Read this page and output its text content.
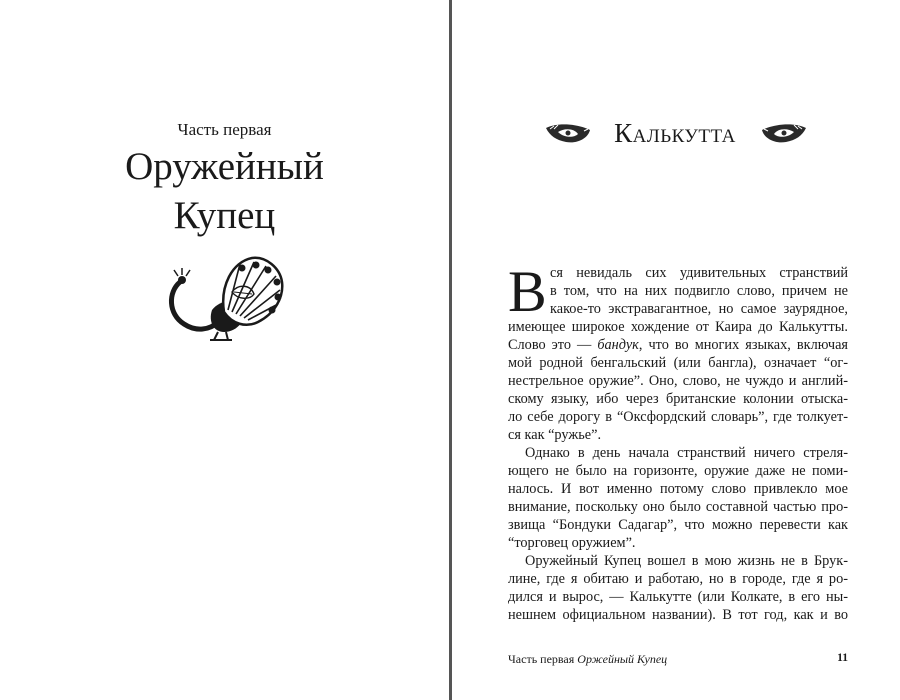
Часть первая
Оружейный
Купец
Калькутта
В ся невидаль сих удивительных странствий
в том, что на них подвигло слово, причем не
какое-то экстравагантное, но самое заурядное,
имеющее широкое хождение от Каира до Калькутты.
Слово это — бандук, что во многих языках, включая
мой родной бенгальский (или бангла), означает “ог-
нестрельное оружие”. Оно, слово, не чуждо и англий-
скому языку, ибо через британские колонии отыска-
ло себе дорогу в “Оксфордский словарь”, где толкует-
ся как “ружье”.
Однако в день начала странствий ничего стреля-
ющего не было на горизонте, оружие даже не поми-
налось. И вот именно потому слово привлекло мое
внимание, поскольку оно было составной частью про-
звища “Бондуки Садагар”, что можно перевести как
“торговец оружием”.
Оружейный Купец вошел в мою жизнь не в Брук-
лине, где я обитаю и работаю, но в городе, где я ро-
дился и вырос, — Калькутте (или Колкате, в его ны-
нешнем официальном названии). В тот год, как и во
Часть первая Оржейный Купец	11
